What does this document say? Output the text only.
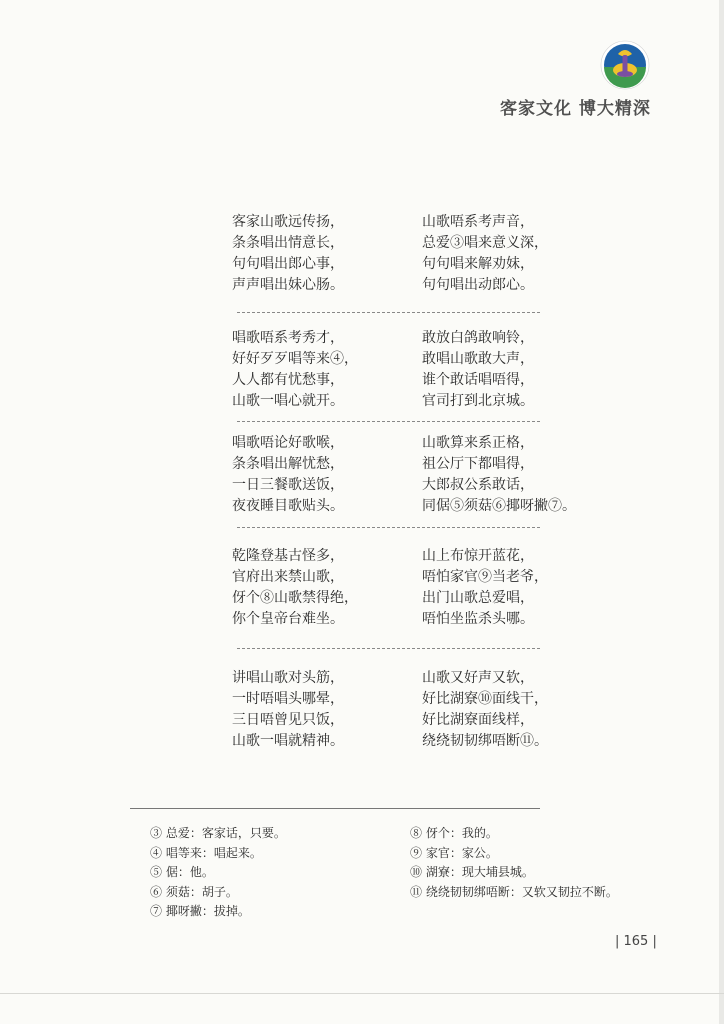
客家文化 博大精深
客家山歌远传扬，	山歌唔系考声音，
条条唱出情意长，	总爱③唱来意义深，
句句唱出郎心事，	句句唱来解劝妹，
声声唱出妹心肠。	句句唱出动郎心。
唱歌唔系考秀才，	敢放白鸽敢响铃，
好好歹歹唱等来④，	敢唱山歌敢大声，
人人都有忧愁事，	谁个敢话唱唔得，
山歌一唱心就开。	官司打到北京城。
唱歌唔论好歌喉，	山歌算来系正格，
条条唱出解忧愁，	祖公厅下都唱得，
一日三餐歌送饭，	大郎叔公系敢话，
夜夜睡目歌贴头。	同倨⑤须菇⑥揶呀撇⑦。
乾隆登基古怪多，	山上布惊开蓝花，
官府出来禁山歌，	唔怕家官⑨当老爷，
伢个⑧山歌禁得绝，	出门山歌总爱唱，
你个皇帝台难坐。	唔怕坐监杀头哪。
讲唱山歌对头筋，	山歌又好声又软，
一时唔唱头哪晕，	好比湖寮⑩面线干，
三日唔曾见只饭，	好比湖寮面线样，
山歌一唱就精神。	绕绕韧韧绑唔断⑪。
③ 总爱：客家话，只要。
④ 唱等来：唱起来。
⑤ 倨：他。
⑥ 须菇：胡子。
⑦ 揶呀撇：拔掉。
⑧ 伢个：我的。
⑨ 家官：家公。
⑩ 湖寮：现大埔县城。
⑪ 绕绕韧韧绑唔断：又软又韧拉不断。
| 165 |
